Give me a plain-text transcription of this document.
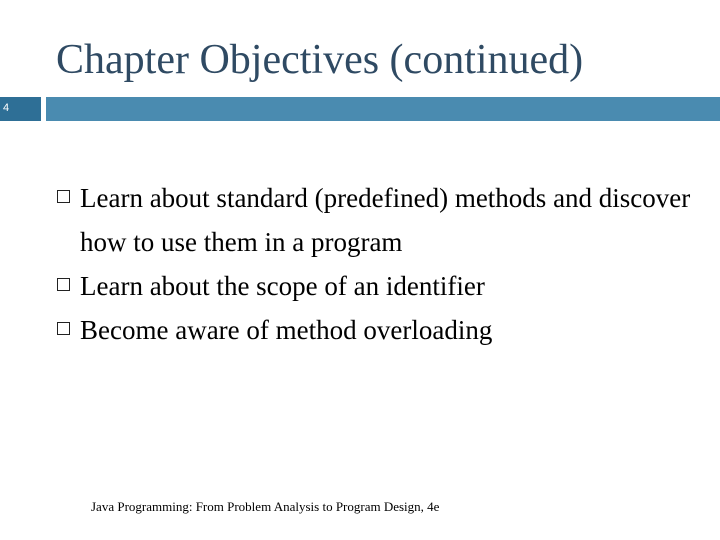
Chapter Objectives (continued)
4
Learn about standard (predefined) methods and discover how to use them in a program
Learn about the scope of an identifier
Become aware of method overloading
Java Programming: From Problem Analysis to Program Design, 4e
